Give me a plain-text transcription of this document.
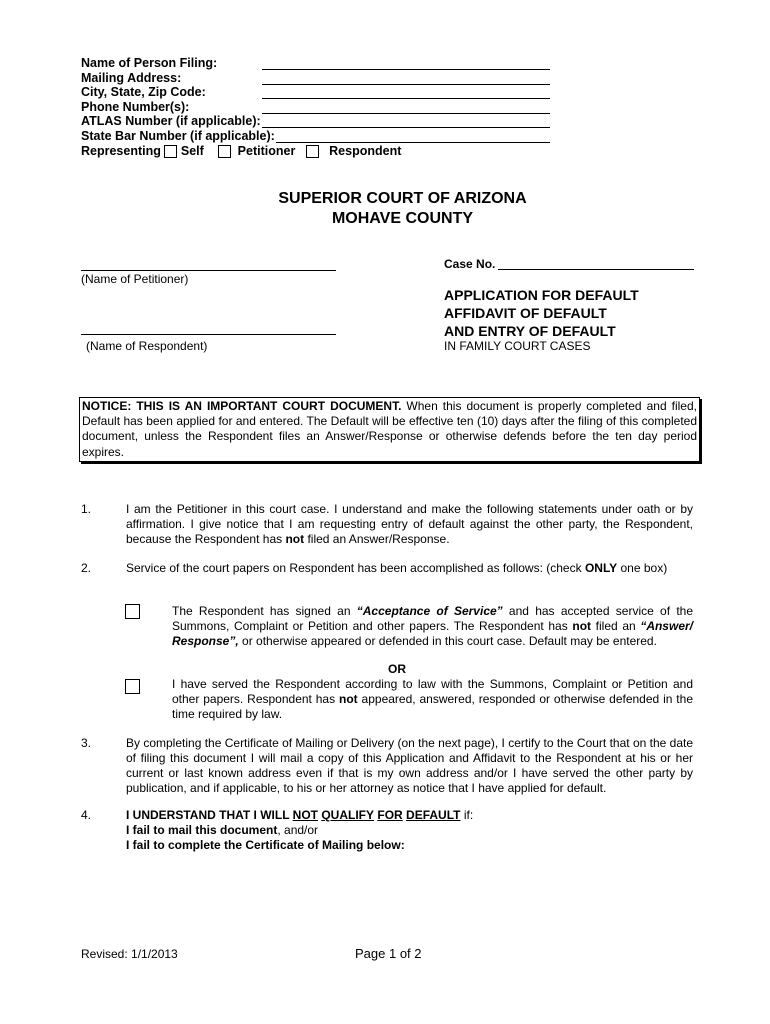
Name of Person Filing:
Mailing Address:
City, State, Zip Code:
Phone Number(s):
ATLAS Number (if applicable):
State Bar Number (if applicable):
Representing Self	Petitioner	Respondent
SUPERIOR COURT OF ARIZONA
MOHAVE COUNTY
(Name of Petitioner)
(Name of Respondent)
Case No.
APPLICATION FOR DEFAULT
AFFIDAVIT OF DEFAULT
AND ENTRY OF DEFAULT
IN FAMILY COURT CASES
NOTICE: THIS IS AN IMPORTANT COURT DOCUMENT. When this document is properly completed and filed, Default has been applied for and entered. The Default will be effective ten (10) days after the filing of this completed document, unless the Respondent files an Answer/Response or otherwise defends before the ten day period expires.
1.	I am the Petitioner in this court case. I understand and make the following statements under oath or by affirmation. I give notice that I am requesting entry of default against the other party, the Respondent, because the Respondent has not filed an Answer/Response.
2.	Service of the court papers on Respondent has been accomplished as follows: (check ONLY one box)
The Respondent has signed an “Acceptance of Service” and has accepted service of the Summons, Complaint or Petition and other papers. The Respondent has not filed an “Answer/ Response”, or otherwise appeared or defended in this court case. Default may be entered.
OR
I have served the Respondent according to law with the Summons, Complaint or Petition and other papers. Respondent has not appeared, answered, responded or otherwise defended in the time required by law.
3.	By completing the Certificate of Mailing or Delivery (on the next page), I certify to the Court that on the date of filing this document I will mail a copy of this Application and Affidavit to the Respondent at his or her current or last known address even if that is my own address and/or I have served the other party by publication, and if applicable, to his or her attorney as notice that I have applied for default.
4.	I UNDERSTAND THAT I WILL NOT QUALIFY FOR DEFAULT if:
I fail to mail this document, and/or
I fail to complete the Certificate of Mailing below:
Revised: 1/1/2013	Page 1 of 2
